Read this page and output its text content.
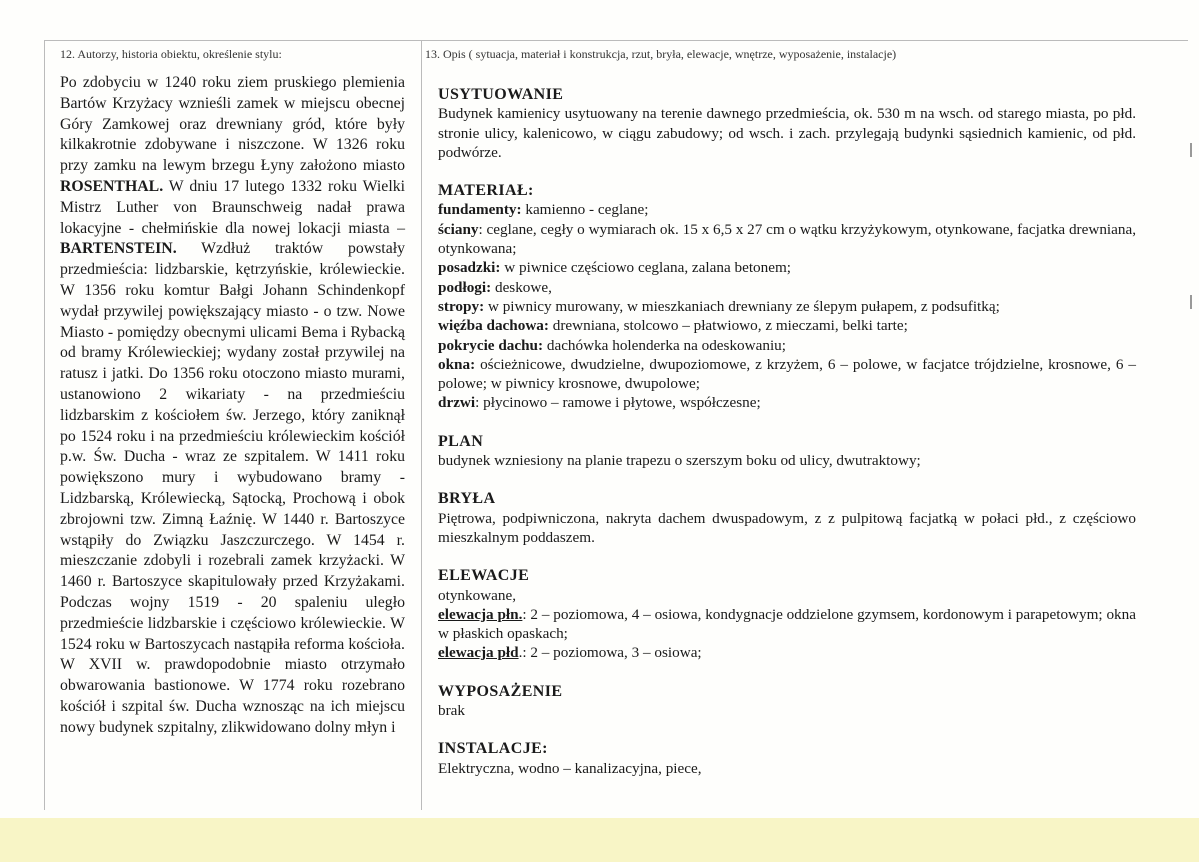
12. Autorzy, historia obiektu, określenie stylu:	13. Opis ( sytuacja, materiał i konstrukcja, rzut, bryła, elewacje, wnętrze, wyposażenie, instalacje)

Po zdobyciu w 1240 roku ziem pruskiego plemienia Bartów Krzyżacy wznieśli zamek w miejscu obecnej Góry Zamkowej oraz drewniany gród, które były kilkakrotnie zdobywane i niszczone. W 1326 roku przy zamku na lewym brzegu Łyny założono miasto ROSENTHAL. W dniu 17 lutego 1332 roku Wielki Mistrz Luther von Braunschweig nadał prawa lokacyjne - chełmińskie dla nowej lokacji miasta – BARTENSTEIN. Wzdłuż traktów powstały przedmieścia: lidzbarskie, kętrzyńskie, królewieckie. W 1356 roku komtur Bałgi Johann Schindenkopf wydał przywilej powiększający miasto - o tzw. Nowe Miasto - pomiędzy obecnymi ulicami Bema i Rybacką od bramy Królewieckiej; wydany został przywilej na ratusz i jatki. Do 1356 roku otoczono miasto murami, ustanowiono 2 wikariaty - na przedmieściu lidzbarskim z kościołem św. Jerzego, który zaniknął po 1524 roku i na przedmieściu królewieckim kościół p.w. Św. Ducha - wraz ze szpitalem. W 1411 roku powiększono mury i wybudowano bramy - Lidzbarską, Królewiecką, Sątocką, Prochową i obok zbrojowni tzw. Zimną Łaźnię. W 1440 r. Bartoszyce wstąpiły do Związku Jaszczurczego. W 1454 r. mieszczanie zdobyli i rozebrali zamek krzyżacki. W 1460 r. Bartoszyce skapitulowały przed Krzyżakami. Podczas wojny 1519 - 20 spaleniu uległo przedmieście lidzbarskie i częściowo królewieckie. W 1524 roku w Bartoszycach nastąpiła reforma kościoła. W XVII w. prawdopodobnie miasto otrzymało obwarowania bastionowe. W 1774 roku rozebrano kościół i szpital św. Ducha wznosząc na ich miejscu nowy budynek szpitalny, zlikwidowano dolny młyn i

USYTUOWANIE
Budynek kamienicy usytuowany na terenie dawnego przedmieścia, ok. 530 m na wsch. od starego miasta, po płd. stronie ulicy, kalenicowo, w ciągu zabudowy; od wsch. i zach. przylegają budynki sąsiednich kamienic, od płd. podwórze.
MATERIAŁ:
fundamenty: kamienno - ceglane;
ściany: ceglane, cegły o wymiarach ok. 15 x 6,5 x 27 cm o wątku krzyżykowym, otynkowane, facjatka drewniana, otynkowana;
posadzki: w piwnice częściowo ceglana, zalana betonem;
podłogi: deskowe,
stropy: w piwnicy murowany, w mieszkaniach drewniany ze ślepym pułapem, z podsufitką;
więźba dachowa: drewniana, stolcowo – płatwiowo, z mieczami, belki tarte;
pokrycie dachu: dachówka holenderka na odeskowaniu;
okna: ościeżnicowe, dwudzielne, dwupoziomowe, z krzyżem, 6 – polowe, w facjatce trójdzielne, krosnowe, 6 – polowe; w piwnicy krosnowe, dwupolowe;
drzwi: płycinowo – ramowe i płytowe, współczesne;
PLAN
budynek wzniesiony na planie trapezu o szerszym boku od ulicy, dwutraktowy;
BRYŁA
Piętrowa, podpiwniczona, nakryta dachem dwuspadowym, z z pulpitową facjatką w połaci płd., z częściowo mieszkalnym poddaszem.
ELEWACJE
otynkowane,
elewacja płn.: 2 – poziomowa, 4 – osiowa, kondygnacje oddzielone gzymsem, kordonowym i parapetowym; okna w płaskich opaskach;
elewacja płd.: 2 – poziomowa, 3 – osiowa;
WYPOSAŻENIE
brak
INSTALACJE:
Elektryczna, wodno – kanalizacyjna, piece,
